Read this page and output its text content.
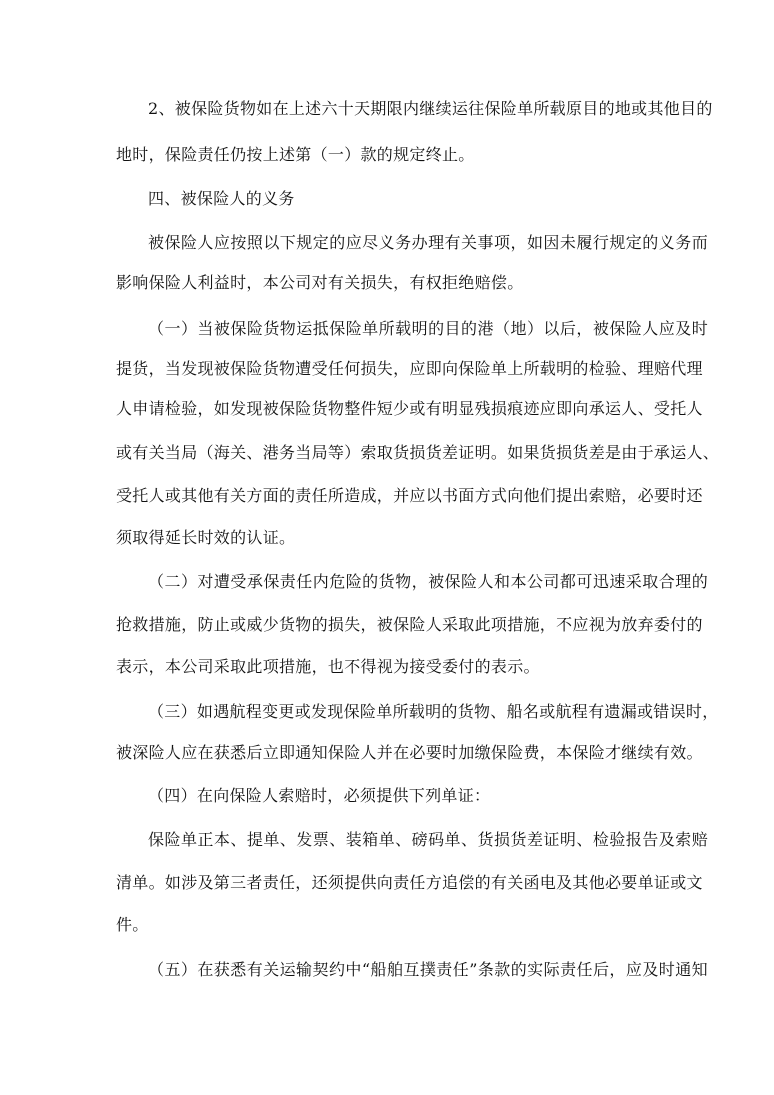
2、被保险货物如在上述六十天期限内继续运往保险单所载原目的地或其他目的
地时，保险责任仍按上述第（一）款的规定终止。
四、被保险人的义务
被保险人应按照以下规定的应尽义务办理有关事项，如因未履行规定的义务而
影响保险人利益时，本公司对有关损失，有权拒绝赔偿。
（一）当被保险货物运抵保险单所载明的目的港（地）以后，被保险人应及时
提货，当发现被保险货物遭受任何损失，应即向保险单上所载明的检验、理赔代理
人申请检验，如发现被保险货物整件短少或有明显残损痕迹应即向承运人、受托人
或有关当局（海关、港务当局等）索取货损货差证明。如果货损货差是由于承运人、
受托人或其他有关方面的责任所造成，并应以书面方式向他们提出索赔，必要时还
须取得延长时效的认证。
（二）对遭受承保责任内危险的货物，被保险人和本公司都可迅速采取合理的
抢救措施，防止或威少货物的损失，被保险人采取此项措施，不应视为放弃委付的
表示，本公司采取此项措施，也不得视为接受委付的表示。
（三）如遇航程变更或发现保险单所载明的货物、船名或航程有遗漏或错误时，
被深险人应在获悉后立即通知保险人并在必要时加缴保险费，本保险才继续有效。
（四）在向保险人索赔时，必须提供下列单证：
保险单正本、提单、发票、装箱单、磅码单、货损货差证明、检验报告及索赔
清单。如涉及第三者责任，还须提供向责任方追偿的有关函电及其他必要单证或文
件。
（五）在获悉有关运输契约中“船舶互撲责任”条款的实际责任后，应及时通知
